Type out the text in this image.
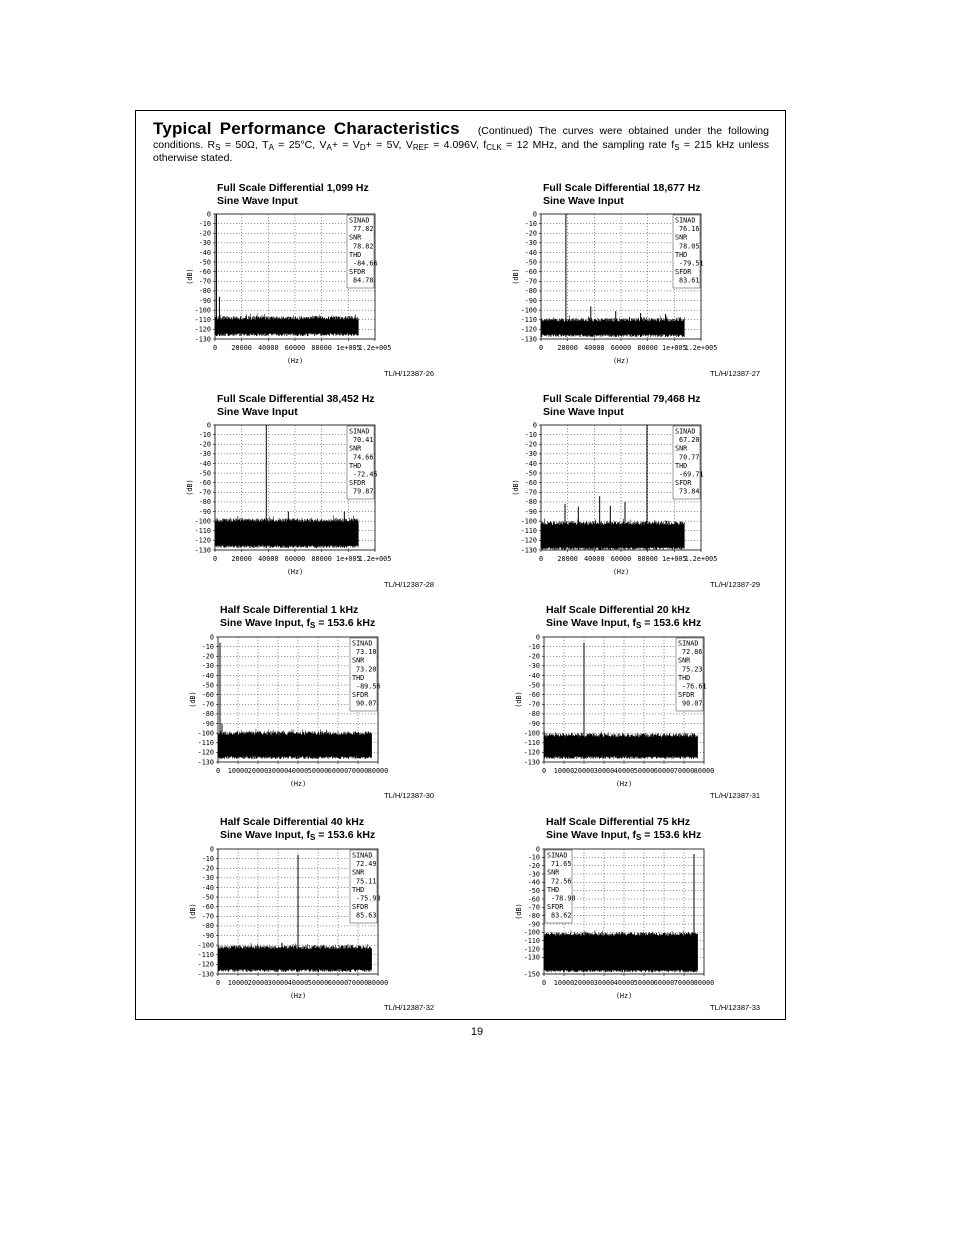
Typical Performance Characteristics (Continued) The curves were obtained under the following conditions. $R_S = 50\Omega$, $T_A = 25^\circ C$, $V_A+ = V_D+ = 5V$, $V_{REF} = 4.096V$, $f_{CLK} = 12$ MHz, and the sampling rate $f_S = 215$ kHz unless otherwise stated.
Full Scale Differential 1,099 Hz
Sine Wave Input
0
-10
-20
-30
-40
-50
-60
-70
-80
-90
-100
-110
-120
-130
0 20000 40000 60000 80000 1e+005
1.2e+005
(Hz)
(dB)
SINAD
77.82
SNR
78.82
THD
-84.66
SFDR
84.78
TL/H/12387-26
Full Scale Differential 18,677 Hz
Sine Wave Input
0
-10
-20
-30
-40
-50
-60
-70
-80
-90
-100
-110
-120
-130
0 20000 40000 60000 80000 1e+005
1.2e+005
(Hz)
(dB)
SINAD
76.16
SNR
78.05
THD
-79.51
SFDR
83.61
TL/H/12387-27
Full Scale Differential 38,452 Hz
Sine Wave Input
0
-10
-20
-30
-40
-50
-60
-70
-80
-90
-100
-110
-120
-130
0 20000 40000 60000 80000 1e+005
1.2e+005
(Hz)
(dB)
SINAD
70.41
SNR
74.66
THD
-72.45
SFDR
79.87
TL/H/12387-28
Full Scale Differential 79,468 Hz
Sine Wave Input
0
-10
-20
-30
-40
-50
-60
-70
-80
-90
-100
-110
-120
-130
0 20000 40000 60000 80000 1e+005
1.2e+005
(Hz)
(dB)
SINAD
67.20
SNR
70.77
THD
-69.71
SFDR
73.84
TL/H/12387-29
Half Scale Differential 1 kHz
Sine Wave Input, $f_S = 153.6$ kHz
0
-10
-20
-30
-40
-50
-60
-70
-80
-90
-100
-110
-120
-130
0 10000 20000 30000 40000 50000 60000 70000 80000
(Hz)
(dB)
SINAD
73.10
SNR
73.20
THD
-89.56
SFDR
90.07
TL/H/12387-30
Half Scale Differential 20 kHz
Sine Wave Input, $f_S = 153.6$ kHz
0
-10
-20
-30
-40
-50
-60
-70
-80
-90
-100
-110
-120
-130
0 10000 20000 30000 40000 50000 60000 70000 80000
(Hz)
(dB)
SINAD
72.86
SNR
75.23
THD
-76.61
SFDR
90.07
TL/H/12387-31
Half Scale Differential 40 kHz
Sine Wave Input, $f_S = 153.6$ kHz
0
-10
-20
-30
-40
-50
-60
-70
-80
-90
-100
-110
-120
-130
0 10000 20000 30000 40000 50000 60000 70000 80000
(Hz)
(dB)
SINAD
72.49
SNR
75.11
THD
-75.93
SFDR
85.63
TL/H/12387-32
Half Scale Differential 75 kHz
Sine Wave Input, $f_S = 153.6$ kHz
0
-10
-20
-30
-40
-50
-60
-70
-80
-90
-100
-110
-120
-130
-150
0 10000 20000 30000 40000 50000 60000 70000 80000
(Hz)
(dB)
SINAD
71.65
SNR
72.56
THD
-78.90
SFDR
83.62
TL/H/12387-33
19
